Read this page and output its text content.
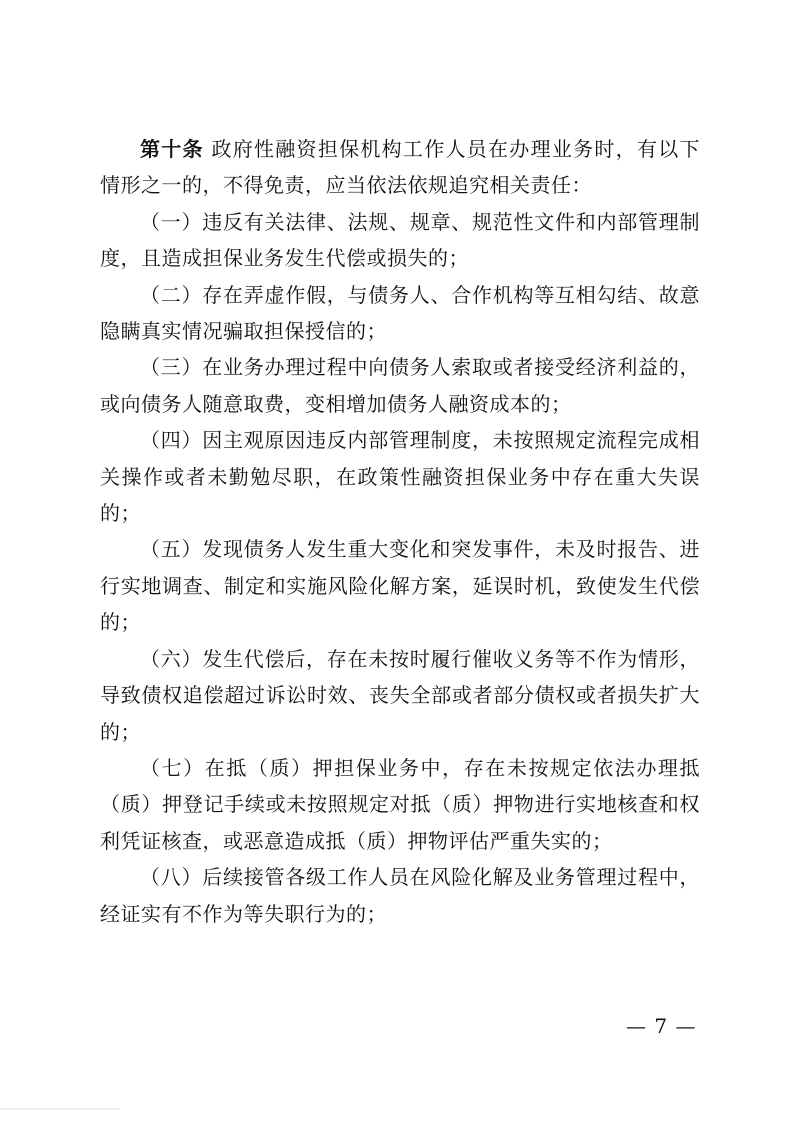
第十条 政府性融资担保机构工作人员在办理业务时，有以下情形之一的，不得免责，应当依法依规追究相关责任：

（一）违反有关法律、法规、规章、规范性文件和内部管理制度，且造成担保业务发生代偿或损失的；

（二）存在弄虚作假，与债务人、合作机构等互相勾结、故意隐瞒真实情况骗取担保授信的；

（三）在业务办理过程中向债务人索取或者接受经济利益的，或向债务人随意取费，变相增加债务人融资成本的；

（四）因主观原因违反内部管理制度，未按照规定流程完成相关操作或者未勤勉尽职，在政策性融资担保业务中存在重大失误的；

（五）发现债务人发生重大变化和突发事件，未及时报告、进行实地调查、制定和实施风险化解方案，延误时机，致使发生代偿的；

（六）发生代偿后，存在未按时履行催收义务等不作为情形，导致债权追偿超过诉讼时效、丧失全部或者部分债权或者损失扩大的；

（七）在抵（质）押担保业务中，存在未按规定依法办理抵（质）押登记手续或未按照规定对抵（质）押物进行实地核查和权利凭证核查，或恶意造成抵（质）押物评估严重失实的；

（八）后续接管各级工作人员在风险化解及业务管理过程中，经证实有不作为等失职行为的；

— 7 —
